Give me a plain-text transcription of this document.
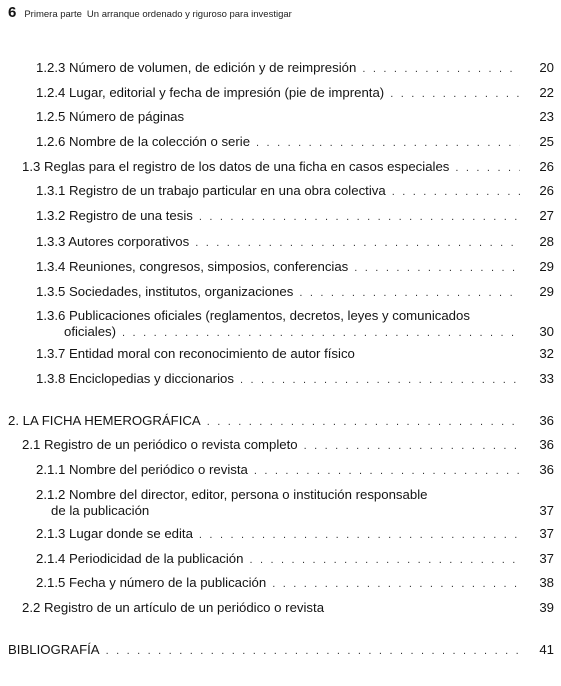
6 Primera parte Un arranque ordenado y riguroso para investigar
1.2.3 Número de volumen, de edición y de reimpresión . . .	20
1.2.4 Lugar, editorial y fecha de impresión (pie de imprenta) . . .	22
1.2.5 Número de páginas	23
1.2.6 Nombre de la colección o serie . . .	25
1.3 Reglas para el registro de los datos de una ficha en casos especiales . . .	26
1.3.1 Registro de un trabajo particular en una obra colectiva . . .	26
1.3.2 Registro de una tesis . . .	27
1.3.3 Autores corporativos . . .	28
1.3.4 Reuniones, congresos, simposios, conferencias . . .	29
1.3.5 Sociedades, institutos, organizaciones . . .	29
1.3.6 Publicaciones oficiales (reglamentos, decretos, leyes y comunicados
oficiales) . . .	30
1.3.7 Entidad moral con reconocimiento de autor físico	32
1.3.8 Enciclopedias y diccionarios . . .	33
2. LA FICHA HEMEROGRÁFICA . . .	36
2.1 Registro de un periódico o revista completo . . .	36
2.1.1 Nombre del periódico o revista . . .	36
2.1.2 Nombre del director, editor, persona o institución responsable
de la publicación	37
2.1.3 Lugar donde se edita . . .	37
2.1.4 Periodicidad de la publicación . . .	37
2.1.5 Fecha y número de la publicación . . .	38
2.2 Registro de un artículo de un periódico o revista	39
BIBLIOGRAFÍA . . .	41
